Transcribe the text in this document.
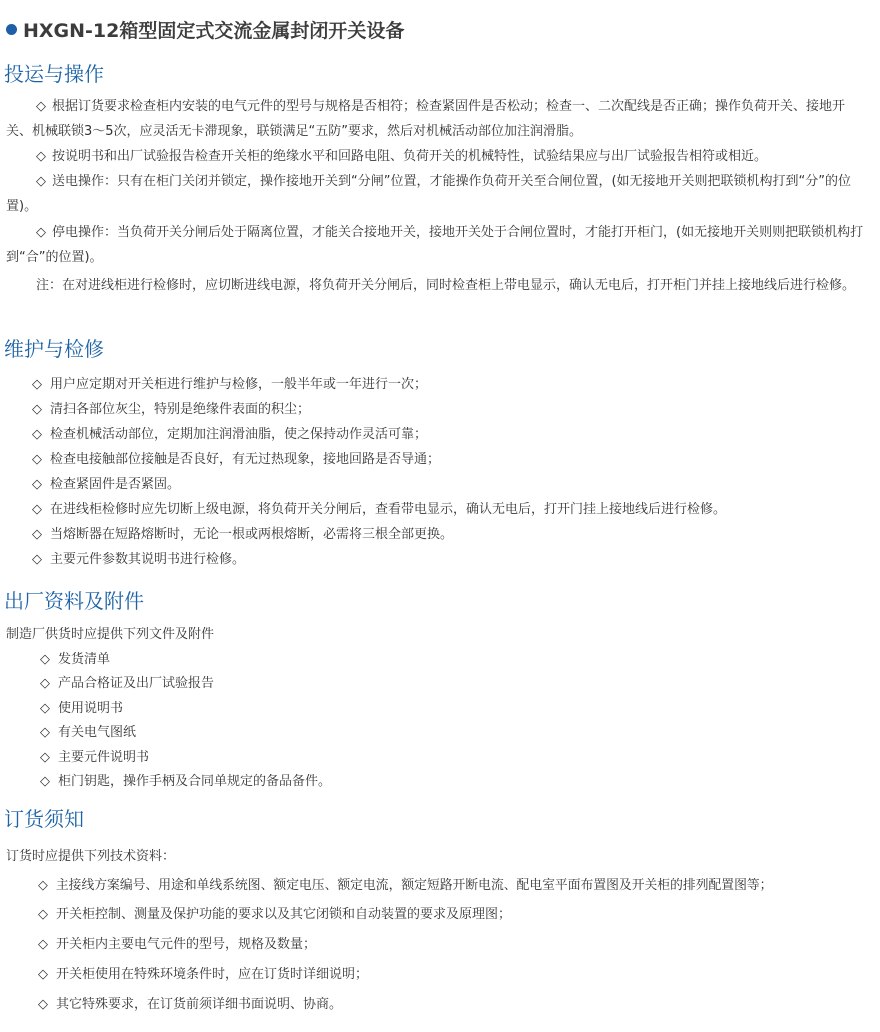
HXGN-12箱型固定式交流金属封闭开关设备
投运与操作
◇ 根据订货要求检查柜内安装的电气元件的型号与规格是否相符；检查紧固件是否松动；检查一、二次配线是否正确；操作负荷开关、接地开关、机械联锁3～5次，应灵活无卡滞现象，联锁满足“五防”要求，然后对机械活动部位加注润滑脂。
◇ 按说明书和出厂试验报告检查开关柜的绝缘水平和回路电阻、负荷开关的机械特性，试验结果应与出厂试验报告相符或相近。
◇ 送电操作：只有在柜门关闭并锁定，操作接地开关到“分闸”位置，才能操作负荷开关至合闸位置，(如无接地开关则把联锁机构打到“分”的位置)。
◇ 停电操作：当负荷开关分闸后处于隔离位置，才能关合接地开关，接地开关处于合闸位置时，才能打开柜门，(如无接地开关则则把联锁机构打到“合”的位置)。
注：在对进线柜进行检修时，应切断进线电源，将负荷开关分闸后，同时检查柜上带电显示，确认无电后，打开柜门并挂上接地线后进行检修。
维护与检修
◇ 用户应定期对开关柜进行维护与检修，一般半年或一年进行一次；
◇ 清扫各部位灰尘，特别是绝缘件表面的积尘；
◇ 检查机械活动部位，定期加注润滑油脂，使之保持动作灵活可靠；
◇ 检查电接触部位接触是否良好，有无过热现象，接地回路是否导通；
◇ 检查紧固件是否紧固。
◇ 在进线柜检修时应先切断上级电源，将负荷开关分闸后，查看带电显示，确认无电后，打开门挂上接地线后进行检修。
◇ 当熔断器在短路熔断时，无论一根或两根熔断，必需将三根全部更换。
◇ 主要元件参数其说明书进行检修。
出厂资料及附件
制造厂供货时应提供下列文件及附件
◇ 发货清单
◇ 产品合格证及出厂试验报告
◇ 使用说明书
◇ 有关电气图纸
◇ 主要元件说明书
◇ 柜门钥匙，操作手柄及合同单规定的备品备件。
订货须知
订货时应提供下列技术资料：
◇ 主接线方案编号、用途和单线系统图、额定电压、额定电流，额定短路开断电流、配电室平面布置图及开关柜的排列配置图等；
◇ 开关柜控制、测量及保护功能的要求以及其它闭锁和自动装置的要求及原理图；
◇ 开关柜内主要电气元件的型号，规格及数量；
◇ 开关柜使用在特殊环境条件时，应在订货时详细说明；
◇ 其它特殊要求，在订货前须详细书面说明、协商。
